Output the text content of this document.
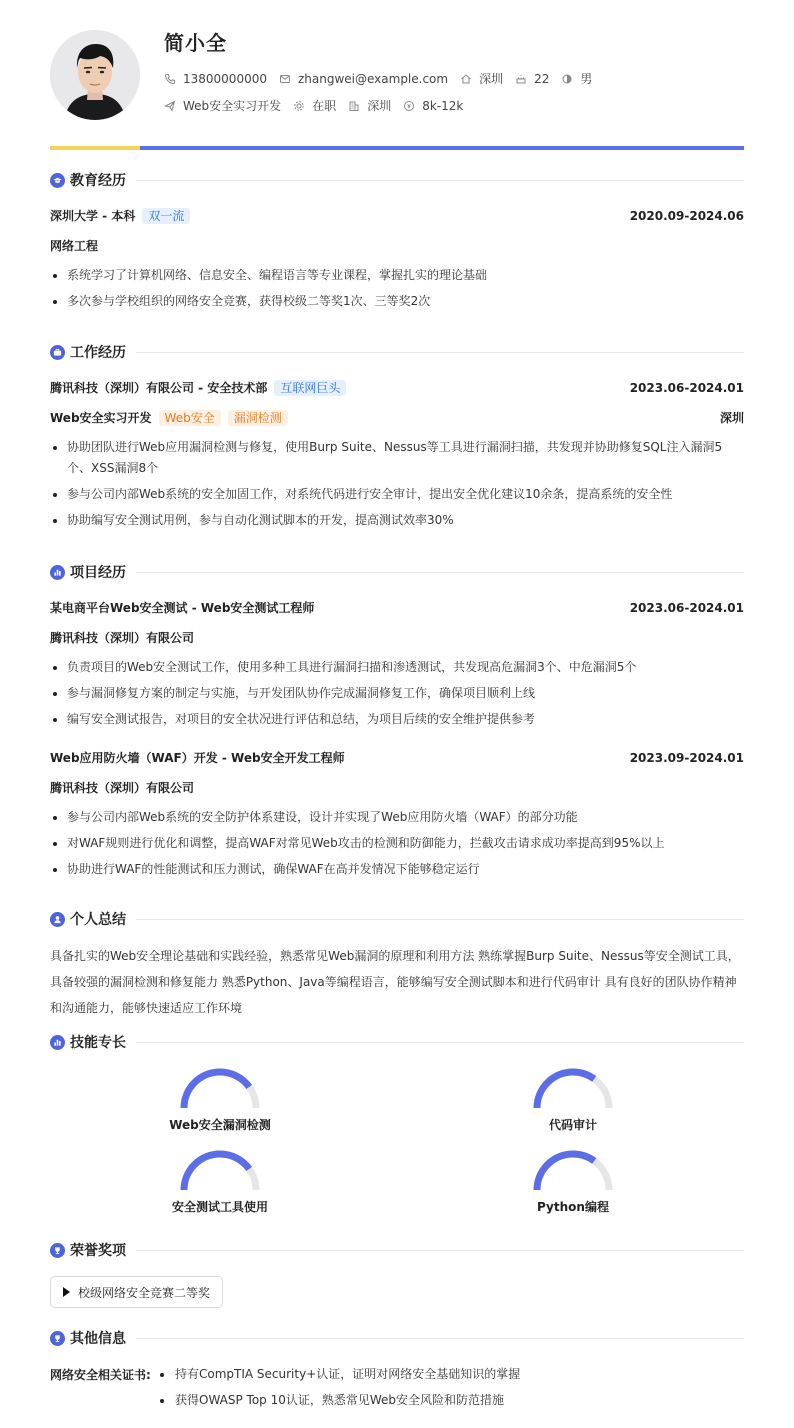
简小全
13800000000	zhangwei@example.com	深圳	22	男
Web安全实习开发	在职	深圳	8k-12k
教育经历
深圳大学 - 本科	双一流	2020.09-2024.06
网络工程
系统学习了计算机网络、信息安全、编程语言等专业课程，掌握扎实的理论基础
多次参与学校组织的网络安全竞赛，获得校级二等奖1次、三等奖2次
工作经历
腾讯科技（深圳）有限公司 - 安全技术部	互联网巨头	2023.06-2024.01
Web安全实习开发	Web安全	漏洞检测	深圳
协助团队进行Web应用漏洞检测与修复，使用Burp Suite、Nessus等工具进行漏洞扫描，共发现并协助修复SQL注入漏洞5个、XSS漏洞8个
参与公司内部Web系统的安全加固工作，对系统代码进行安全审计，提出安全优化建议10余条，提高系统的安全性
协助编写安全测试用例，参与自动化测试脚本的开发，提高测试效率30%
项目经历
某电商平台Web安全测试 - Web安全测试工程师	2023.06-2024.01
腾讯科技（深圳）有限公司
负责项目的Web安全测试工作，使用多种工具进行漏洞扫描和渗透测试，共发现高危漏洞3个、中危漏洞5个
参与漏洞修复方案的制定与实施，与开发团队协作完成漏洞修复工作，确保项目顺利上线
编写安全测试报告，对项目的安全状况进行评估和总结，为项目后续的安全维护提供参考
Web应用防火墙（WAF）开发 - Web安全开发工程师	2023.09-2024.01
腾讯科技（深圳）有限公司
参与公司内部Web系统的安全防护体系建设，设计并实现了Web应用防火墙（WAF）的部分功能
对WAF规则进行优化和调整，提高WAF对常见Web攻击的检测和防御能力，拦截攻击请求成功率提高到95%以上
协助进行WAF的性能测试和压力测试，确保WAF在高并发情况下能够稳定运行
个人总结
具备扎实的Web安全理论基础和实践经验，熟悉常见Web漏洞的原理和利用方法 熟练掌握Burp Suite、Nessus等安全测试工具，具备较强的漏洞检测和修复能力 熟悉Python、Java等编程语言，能够编写安全测试脚本和进行代码审计 具有良好的团队协作精神和沟通能力，能够快速适应工作环境
技能专长
Web安全漏洞检测	代码审计
安全测试工具使用	Python编程
荣誉奖项
校级网络安全竞赛二等奖
其他信息
网络安全相关证书:	持有CompTIA Security+认证，证明对网络安全基础知识的掌握
获得OWASP Top 10认证，熟悉常见Web安全风险和防范措施
